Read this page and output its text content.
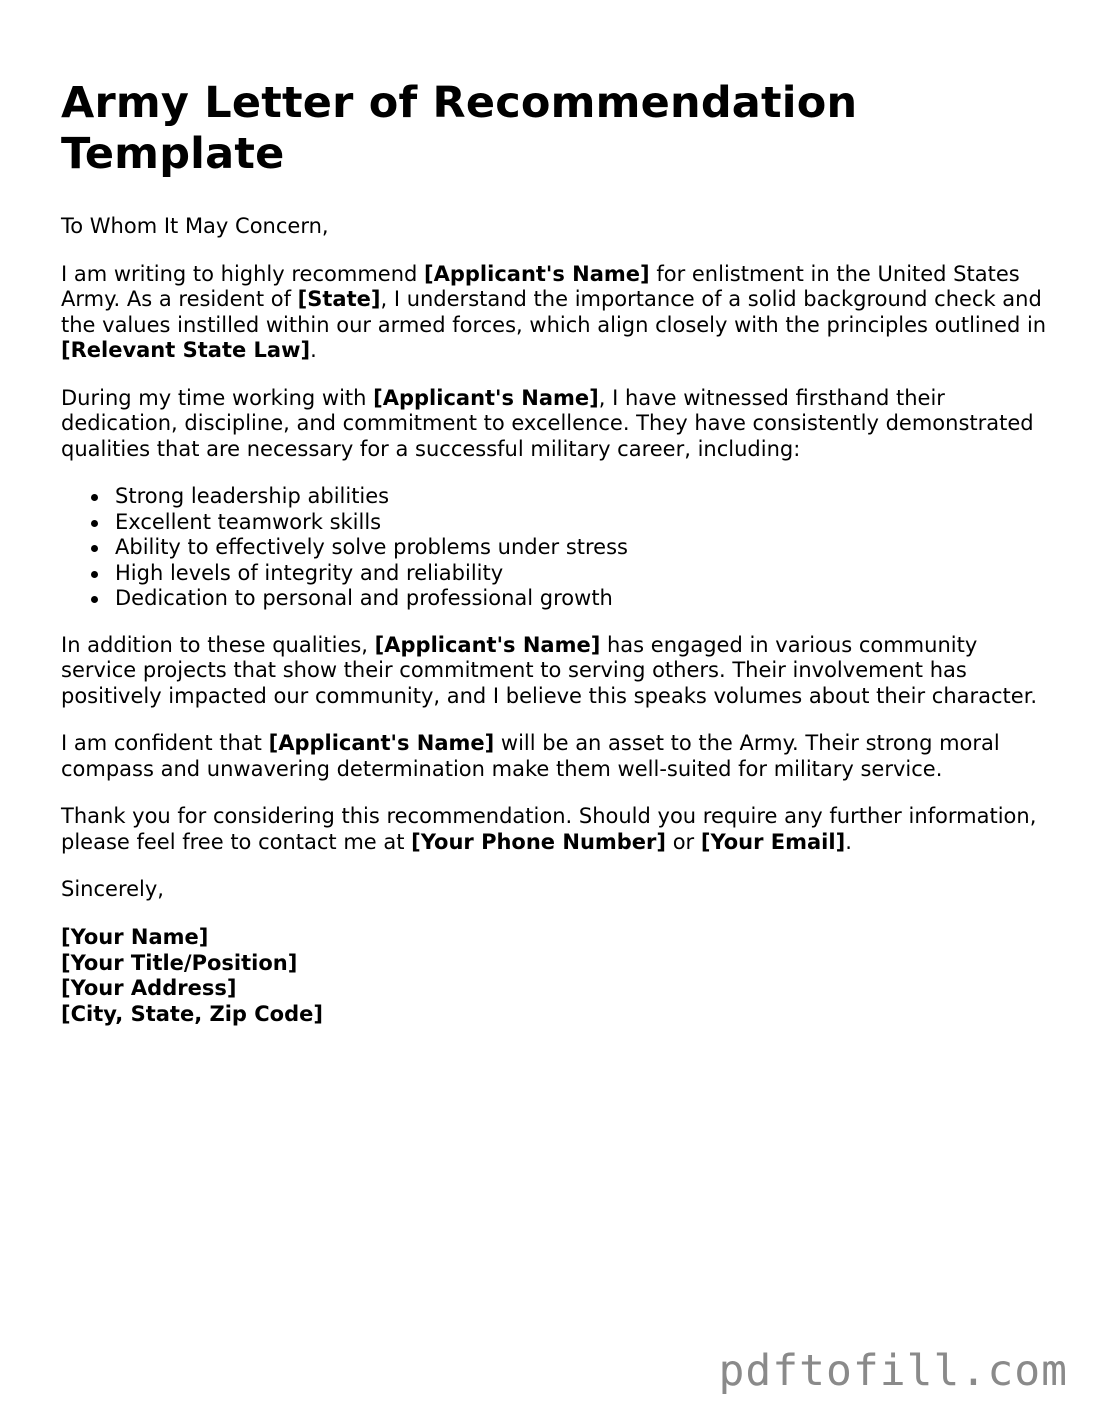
Army Letter of Recommendation Template

To Whom It May Concern,

I am writing to highly recommend [Applicant's Name] for enlistment in the United States Army. As a resident of [State], I understand the importance of a solid background check and the values instilled within our armed forces, which align closely with the principles outlined in [Relevant State Law].

During my time working with [Applicant's Name], I have witnessed firsthand their dedication, discipline, and commitment to excellence. They have consistently demonstrated qualities that are necessary for a successful military career, including:

Strong leadership abilities
Excellent teamwork skills
Ability to effectively solve problems under stress
High levels of integrity and reliability
Dedication to personal and professional growth

In addition to these qualities, [Applicant's Name] has engaged in various community service projects that show their commitment to serving others. Their involvement has positively impacted our community, and I believe this speaks volumes about their character.

I am confident that [Applicant's Name] will be an asset to the Army. Their strong moral compass and unwavering determination make them well-suited for military service.

Thank you for considering this recommendation. Should you require any further information, please feel free to contact me at [Your Phone Number] or [Your Email].

Sincerely,

[Your Name]
[Your Title/Position]
[Your Address]
[City, State, Zip Code]
pdftofill.com
